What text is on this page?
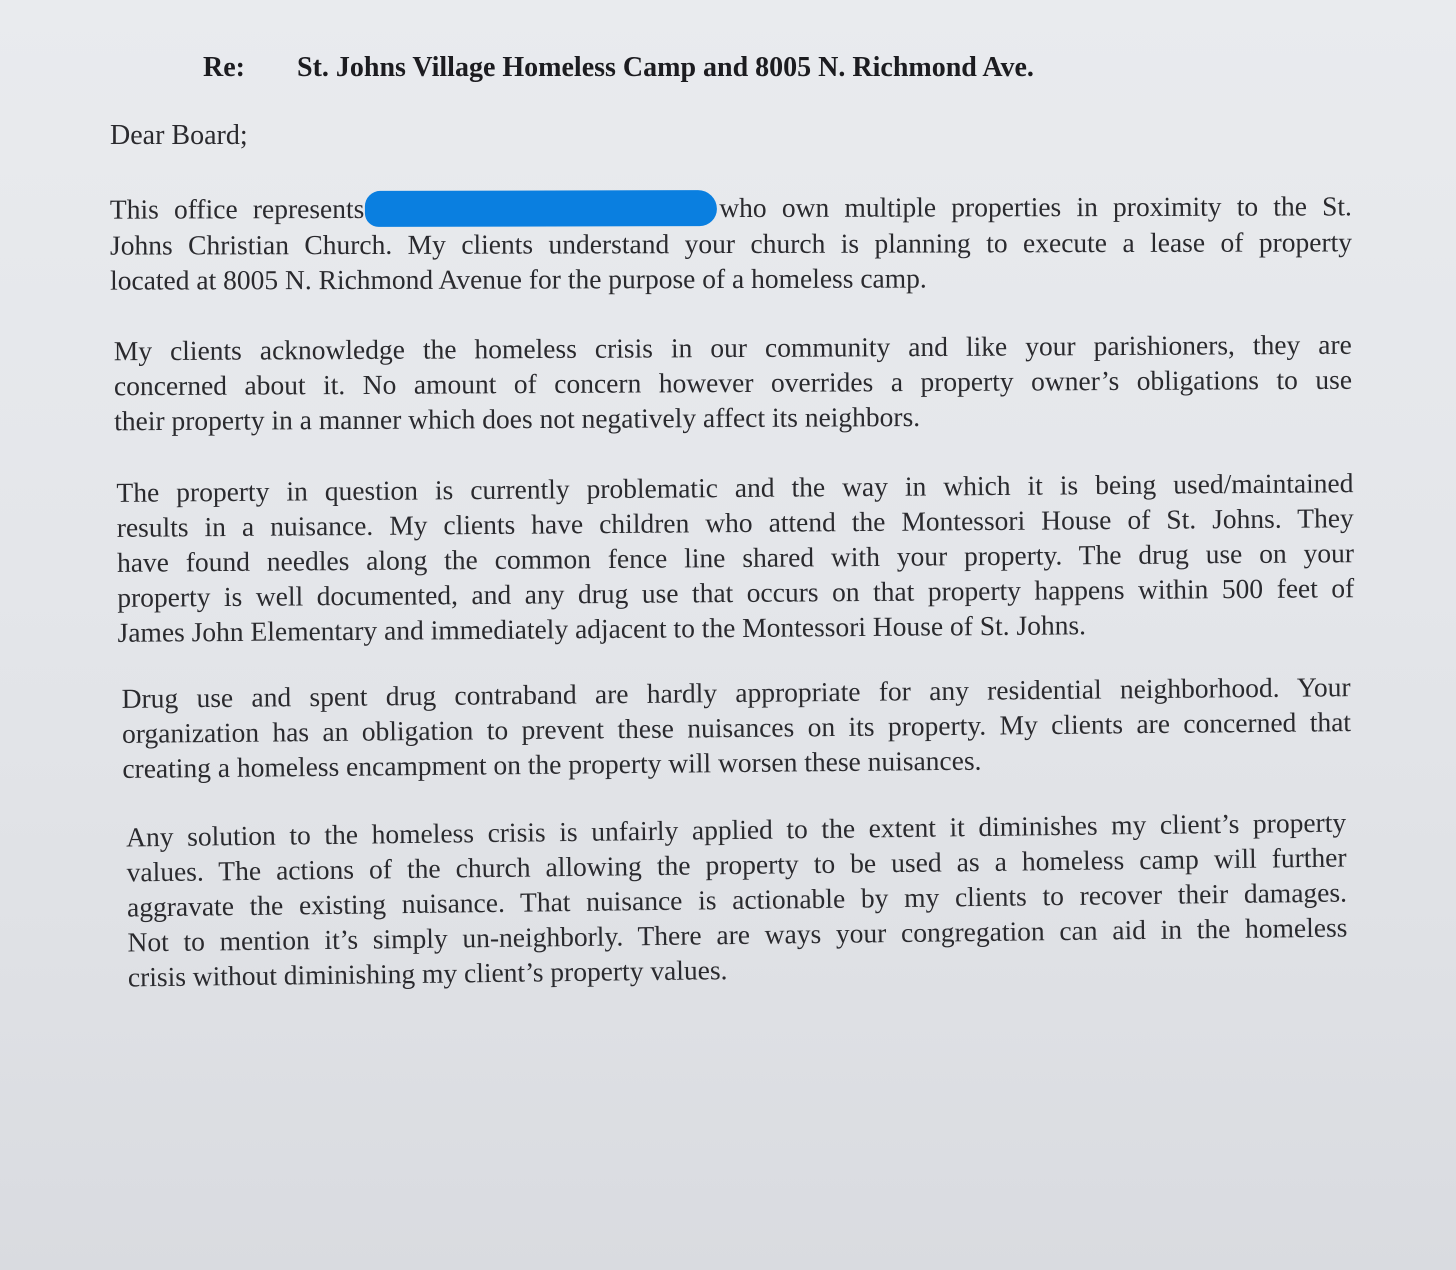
Re: St. Johns Village Homeless Camp and 8005 N. Richmond Ave.
Dear Board;
This office represents	who own multiple properties in proximity to the St.
Johns Christian Church. My clients understand your church is planning to execute a lease of property
located at 8005 N. Richmond Avenue for the purpose of a homeless camp.
My clients acknowledge the homeless crisis in our community and like your parishioners, they are
concerned about it. No amount of concern however overrides a property owner’s obligations to use
their property in a manner which does not negatively affect its neighbors.
The property in question is currently problematic and the way in which it is being used/maintained
results in a nuisance. My clients have children who attend the Montessori House of St. Johns. They
have found needles along the common fence line shared with your property. The drug use on your
property is well documented, and any drug use that occurs on that property happens within 500 feet of
James John Elementary and immediately adjacent to the Montessori House of St. Johns.
Drug use and spent drug contraband are hardly appropriate for any residential neighborhood. Your
organization has an obligation to prevent these nuisances on its property. My clients are concerned that
creating a homeless encampment on the property will worsen these nuisances.
Any solution to the homeless crisis is unfairly applied to the extent it diminishes my client’s property
values. The actions of the church allowing the property to be used as a homeless camp will further
aggravate the existing nuisance. That nuisance is actionable by my clients to recover their damages.
Not to mention it’s simply un-neighborly. There are ways your congregation can aid in the homeless
crisis without diminishing my client’s property values.
